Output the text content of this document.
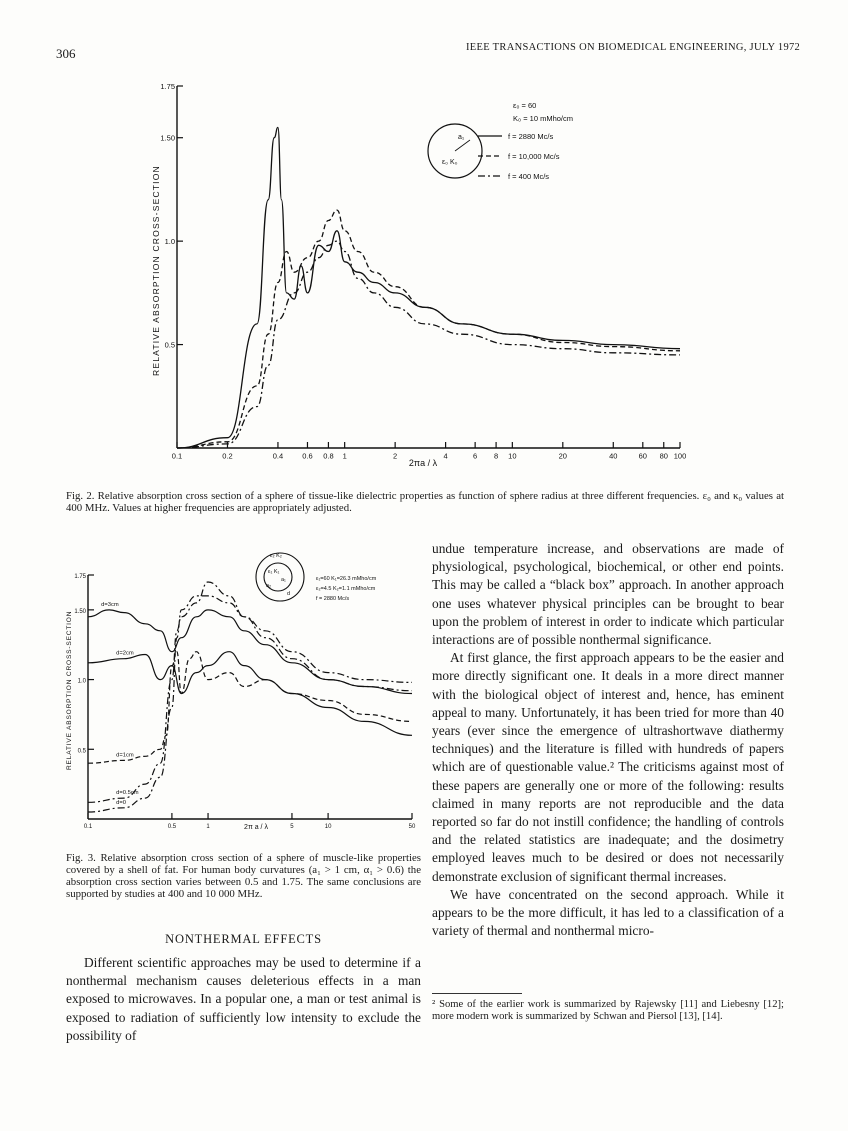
306	IEEE TRANSACTIONS ON BIOMEDICAL ENGINEERING, JULY 1972
1.75
1.50
1.0
0.5
0.1	0.2	0.4	0.6 0.8 1	2	4	6 8 10	20	40	60 80 100
RELATIVE ABSORPTION CROSS-SECTION
2πa / λ
a₁
ε₀ K₀
ε₀ = 60
K₀ = 10 mMho/cm
f = 2880 Mc/s
f = 10,000 Mc/s
f = 400 Mc/s
Fig. 2. Relative absorption cross section of a sphere of tissue-like dielectric properties as function of sphere radius at three different frequencies. ε₀ and κ₀ values at 400 MHz. Values at higher frequencies are appropriately adjusted.
1.75
1.50
1.0
0.5
0.1	0.5	1	5	10	50
RELATIVE ABSORPTION CROSS-SECTION
2π a / λ
d=3cm
d=2cm
d=1cm
d=0.5cm
d=0
ε₂ K₂
ε₁ K₁
a₁
a₂
d
ε₁=60 K₁=26.3 mMho/cm
ε₂=4.5 K₂=1.1 mMho/cm
f = 2880 Mc/s
Fig. 3. Relative absorption cross section of a sphere of muscle-like properties covered by a shell of fat. For human body curvatures (a₁ > 1 cm, α₁ > 0.6) the absorption cross section varies between 0.5 and 1.75. The same conclusions are supported by studies at 400 and 10 000 MHz.
NONTHERMAL EFFECTS

Different scientific approaches may be used to determine if a nonthermal mechanism causes deleterious effects in a man exposed to microwaves. In a popular one, a man or test animal is exposed to radiation of sufficiently low intensity to exclude the possibility of

undue temperature increase, and observations are made of physiological, psychological, biochemical, or other end points. This may be called a “black box” approach. In another approach one uses whatever physical principles can be brought to bear upon the problem of interest in order to indicate which particular interactions are of possible nonthermal significance.

At first glance, the first approach appears to be the easier and more directly significant one. It deals in a more direct manner with the biological object of interest and, hence, has eminent appeal to many. Unfortunately, it has been tried for more than 40 years (ever since the emergence of ultrashortwave diathermy techniques) and the literature is filled with hundreds of papers which are of questionable value.² The criticisms against most of these papers are generally one or more of the following: results claimed in many reports are not reproducible and the data reported so far do not instill confidence; the handling of controls and the related statistics are inadequate; and the dosimetry employed leaves much to be desired or does not necessarily demonstrate exclusion of significant thermal increases.

We have concentrated on the second approach. While it appears to be the more difficult, it has led to a classification of a variety of thermal and nonthermal micro-

² Some of the earlier work is summarized by Rajewsky [11] and Liebesny [12]; more modern work is summarized by Schwan and Piersol [13], [14].
